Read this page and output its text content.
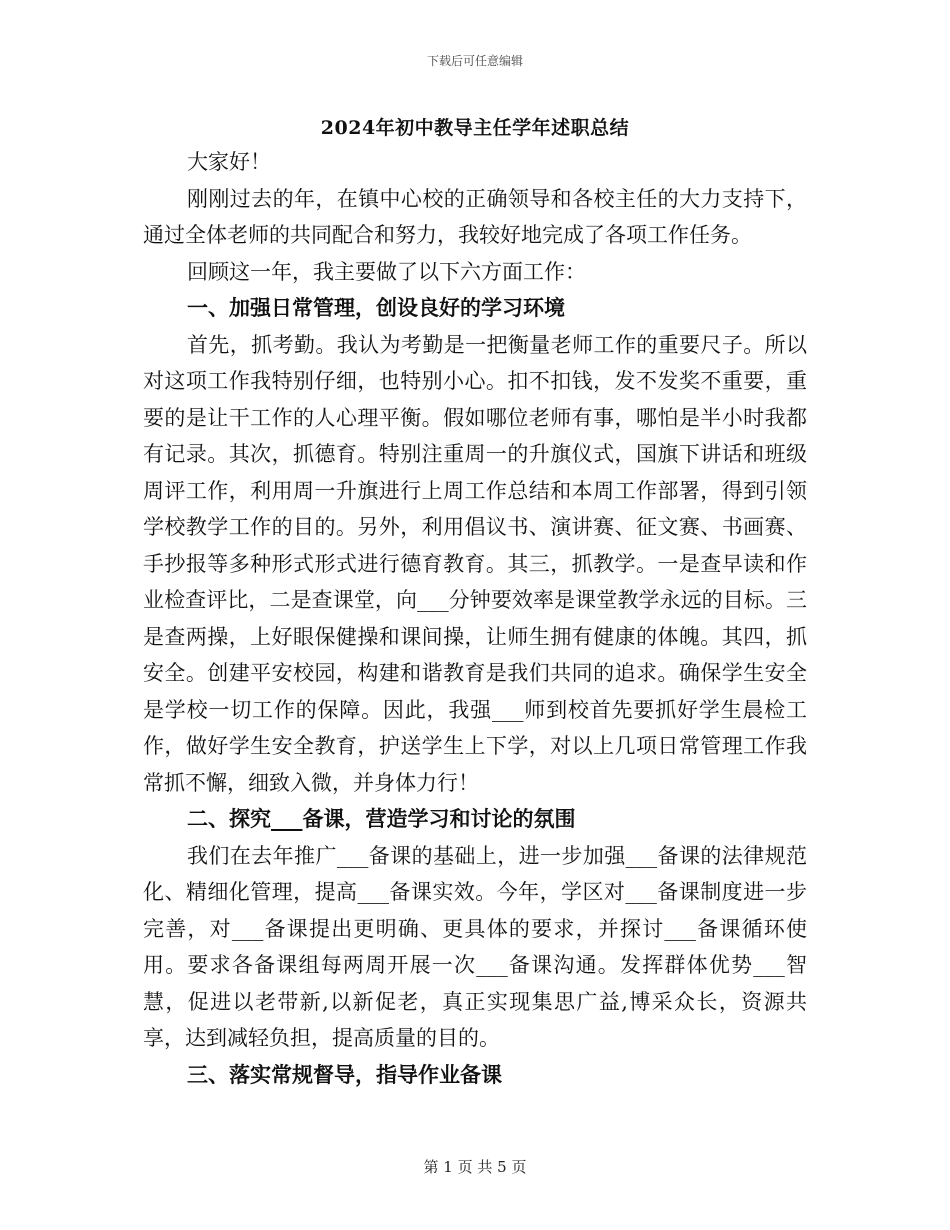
下载后可任意编辑
2024年初中教导主任学年述职总结

大家好！

刚刚过去的年，在镇中心校的正确领导和各校主任的大力支持下，通过全体老师的共同配合和努力，我较好地完成了各项工作任务。

回顾这一年，我主要做了以下六方面工作：

一、加强日常管理，创设良好的学习环境

首先，抓考勤。我认为考勤是一把衡量老师工作的重要尺子。所以对这项工作我特别仔细，也特别小心。扣不扣钱，发不发奖不重要，重要的是让干工作的人心理平衡。假如哪位老师有事，哪怕是半小时我都有记录。其次，抓德育。特别注重周一的升旗仪式，国旗下讲话和班级周评工作，利用周一升旗进行上周工作总结和本周工作部署，得到引领学校教学工作的目的。另外，利用倡议书、演讲赛、征文赛、书画赛、手抄报等多种形式形式进行德育教育。其三，抓教学。一是查早读和作业检查评比，二是查课堂，向___分钟要效率是课堂教学永远的目标。三是查两操，上好眼保健操和课间操，让师生拥有健康的体魄。其四，抓安全。创建平安校园，构建和谐教育是我们共同的追求。确保学生安全是学校一切工作的保障。因此，我强___师到校首先要抓好学生晨检工作，做好学生安全教育，护送学生上下学，对以上几项日常管理工作我常抓不懈，细致入微，并身体力行！

二、探究___备课，营造学习和讨论的氛围

我们在去年推广___备课的基础上，进一步加强___备课的法律规范化、精细化管理，提高___备课实效。今年，学区对___备课制度进一步完善，对___备课提出更明确、更具体的要求，并探讨___备课循环使用。要求各备课组每两周开展一次___备课沟通。发挥群体优势___智慧，促进以老带新,以新促老，真正实现集思广益,博采众长，资源共享，达到减轻负担，提高质量的目的。

三、落实常规督导，指导作业备课

第 1 页 共 5 页
